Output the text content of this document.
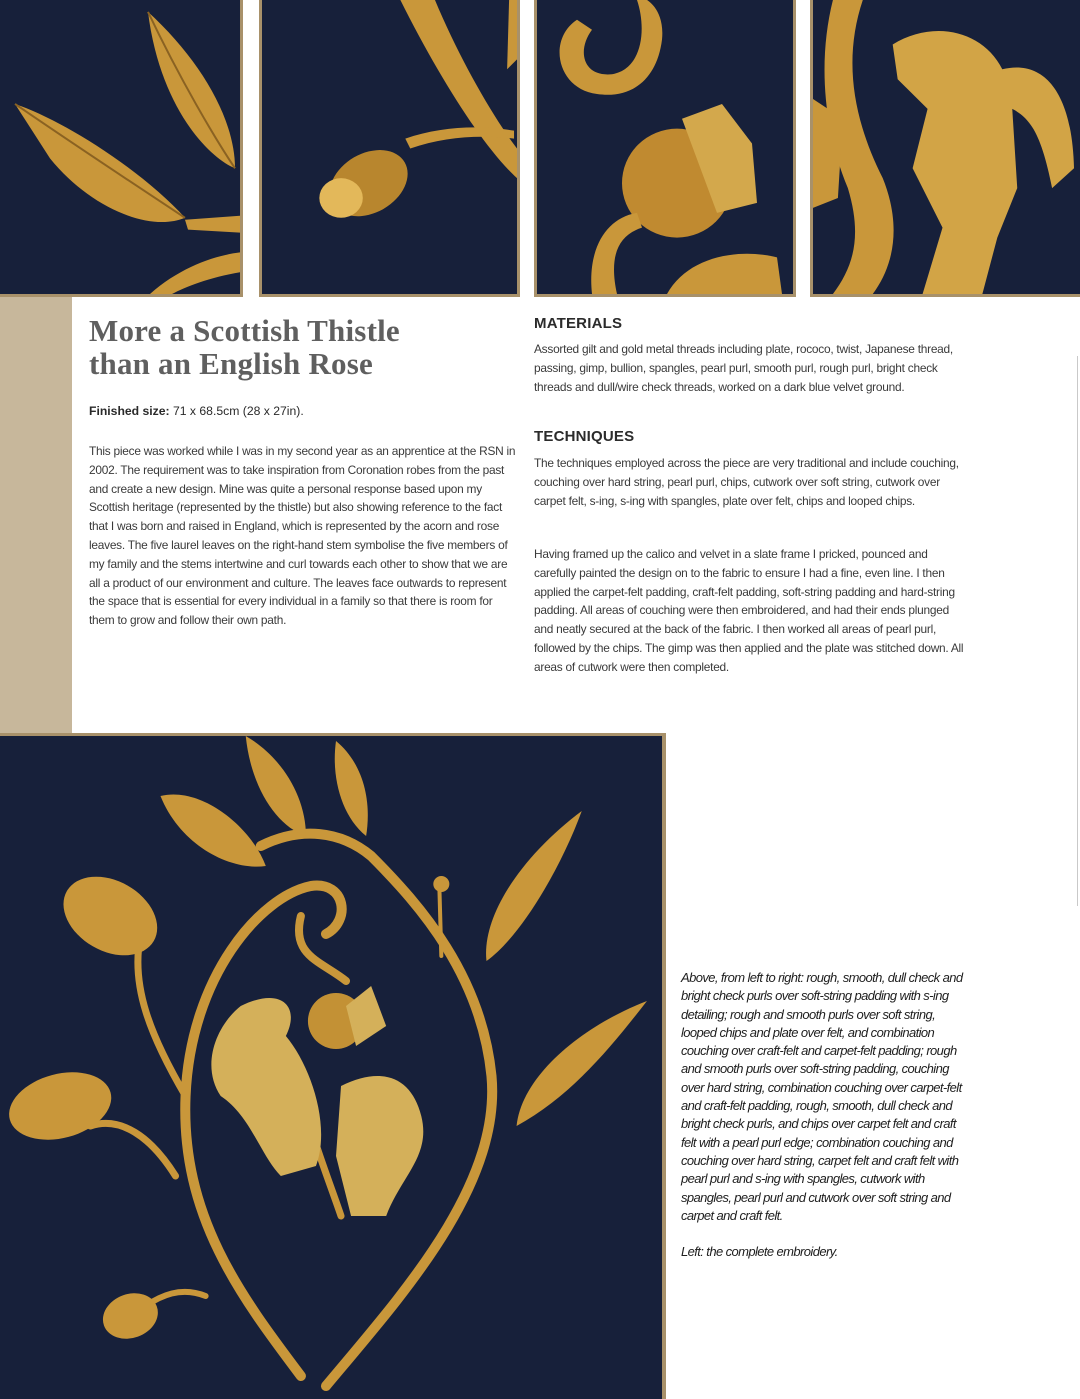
More a Scottish Thistle
than an English Rose
Finished size: 71 x 68.5cm (28 x 27in).

This piece was worked while I was in my second year as an apprentice at the RSN in 2002. The requirement was to take inspiration from Coronation robes from the past and create a new design. Mine was quite a personal response based upon my Scottish heritage (represented by the thistle) but also showing reference to the fact that I was born and raised in England, which is represented by the acorn and rose leaves. The five laurel leaves on the right-hand stem symbolise the five members of my family and the stems intertwine and curl towards each other to show that we are all a product of our environment and culture. The leaves face outwards to represent the space that is essential for every individual in a family so that there is room for them to grow and follow their own path.

MATERIALS

Assorted gilt and gold metal threads including plate, rococo, twist, Japanese thread, passing, gimp, bullion, spangles, pearl purl, smooth purl, rough purl, bright check threads and dull/wire check threads, worked on a dark blue velvet ground.

TECHNIQUES

The techniques employed across the piece are very traditional and include couching, couching over hard string, pearl purl, chips, cutwork over soft string, cutwork over carpet felt, s-ing, s-ing with spangles, plate over felt, chips and looped chips.

Having framed up the calico and velvet in a slate frame I pricked, pounced and carefully painted the design on to the fabric to ensure I had a fine, even line. I then applied the carpet-felt padding, craft-felt padding, soft-string padding and hard-string padding. All areas of couching were then embroidered, and had their ends plunged and neatly secured at the back of the fabric. I then worked all areas of pearl purl, followed by the chips. The gimp was then applied and the plate was stitched down. All areas of cutwork were then completed.

Above, from left to right: rough, smooth, dull check and bright check purls over soft-string padding with s-ing detailing; rough and smooth purls over soft string, looped chips and plate over felt, and combination couching over craft-felt and carpet-felt padding; rough and smooth purls over soft-string padding, couching over hard string, combination couching over carpet-felt and craft-felt padding, rough, smooth, dull check and bright check purls, and chips over carpet felt and craft felt with a pearl purl edge; combination couching and couching over hard string, carpet felt and craft felt with pearl purl and s-ing with spangles, cutwork with spangles, pearl purl and cutwork over soft string and carpet and craft felt.

Left: the complete embroidery.
